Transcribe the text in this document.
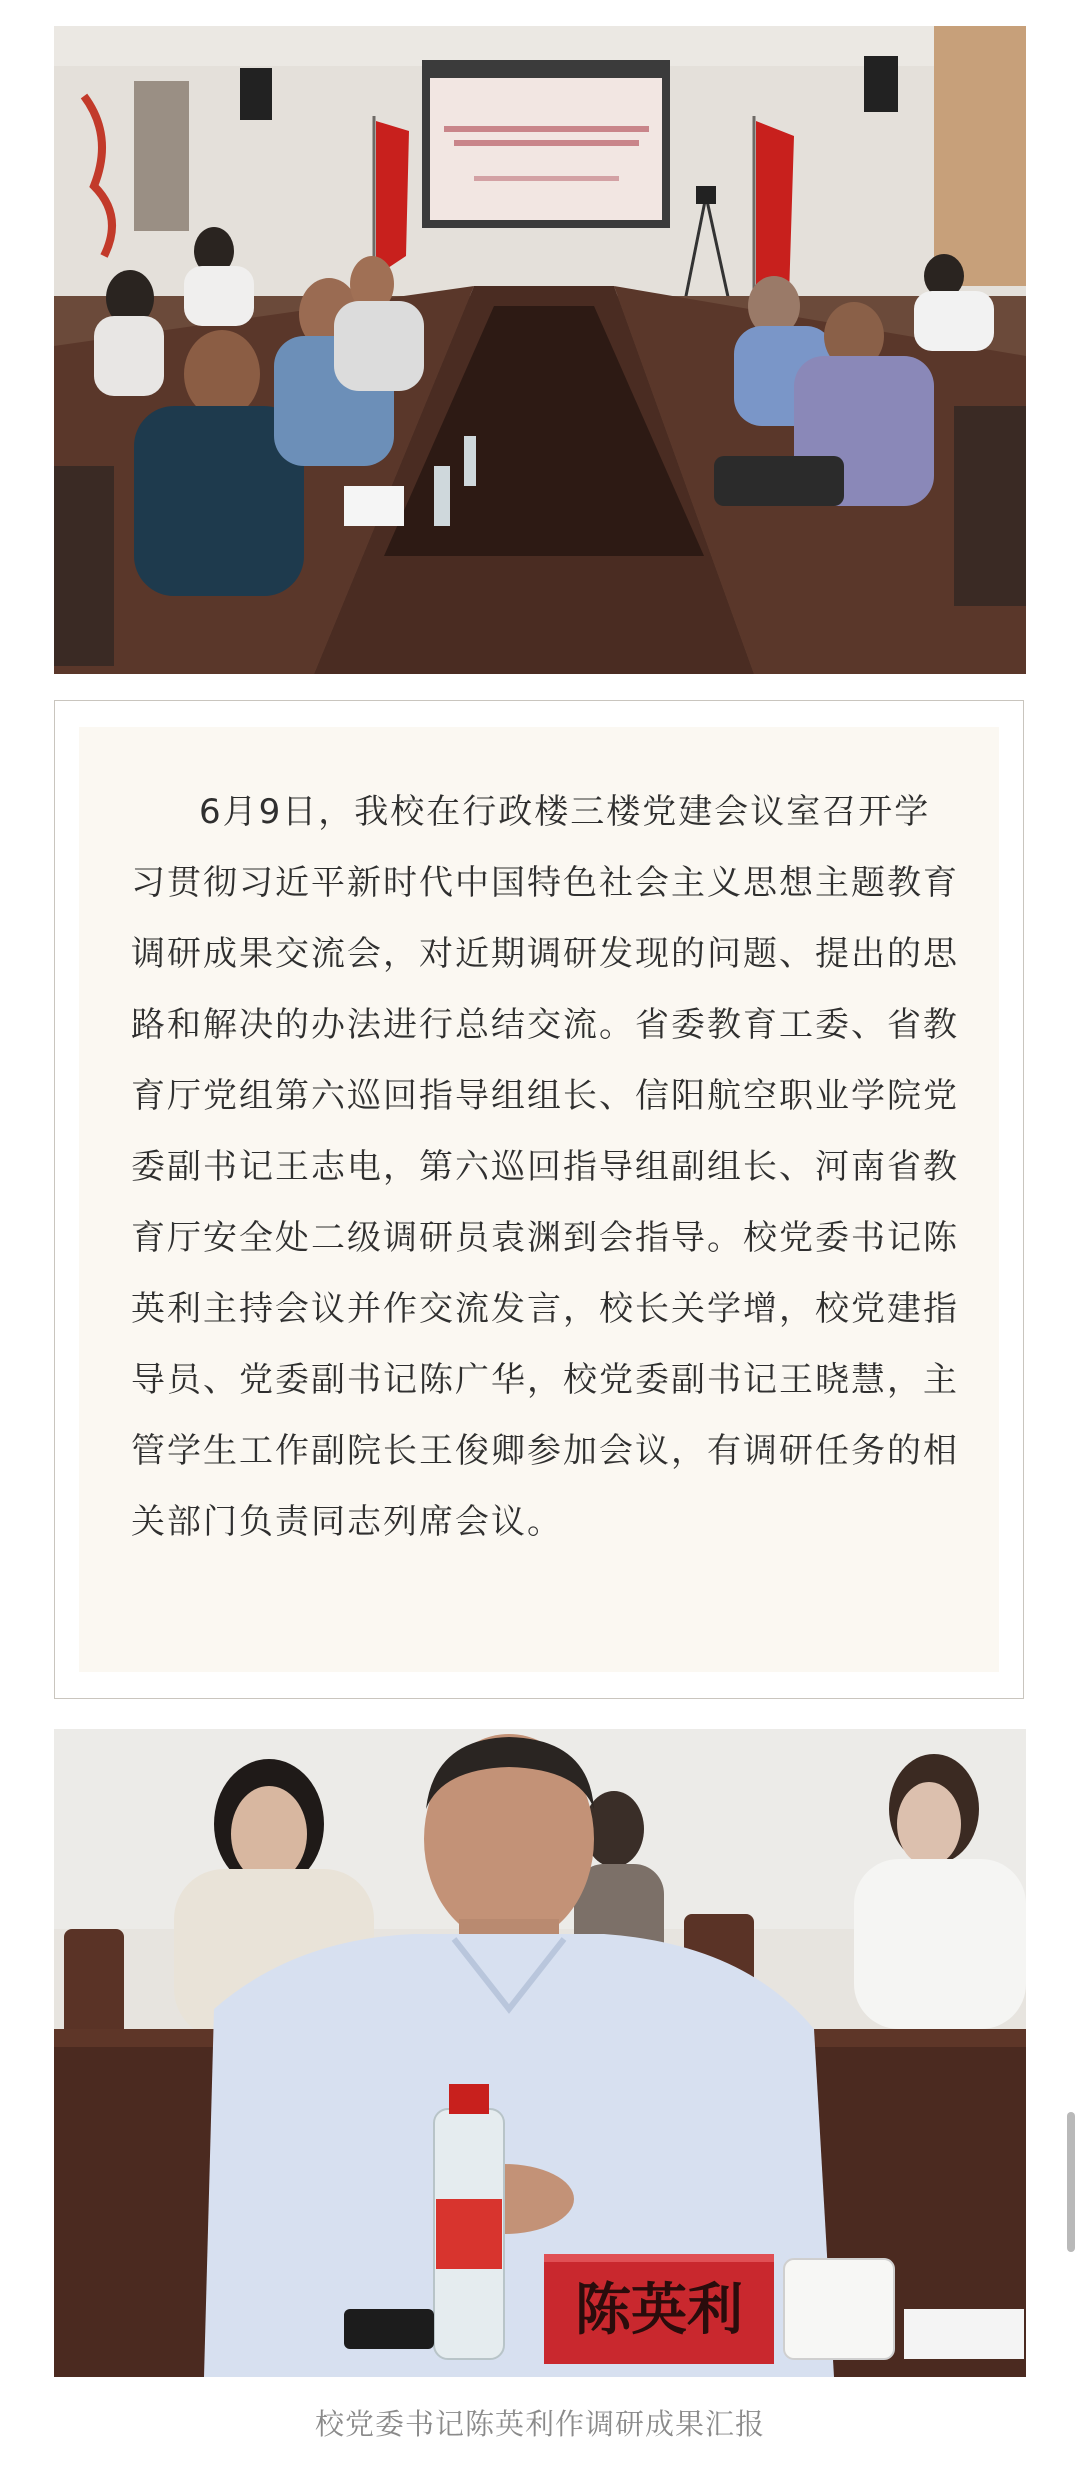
6月9日，我校在行政楼三楼党建会议室召开学习贯彻习近平新时代中国特色社会主义思想主题教育调研成果交流会，对近期调研发现的问题、提出的思路和解决的办法进行总结交流。省委教育工委、省教育厅党组第六巡回指导组组长、信阳航空职业学院党委副书记王志电，第六巡回指导组副组长、河南省教育厅安全处二级调研员袁渊到会指导。校党委书记陈英利主持会议并作交流发言，校长关学增，校党建指导员、党委副书记陈广华，校党委副书记王晓慧，主管学生工作副院长王俊卿参加会议，有调研任务的相关部门负责同志列席会议。

陈英利
校党委书记陈英利作调研成果汇报
